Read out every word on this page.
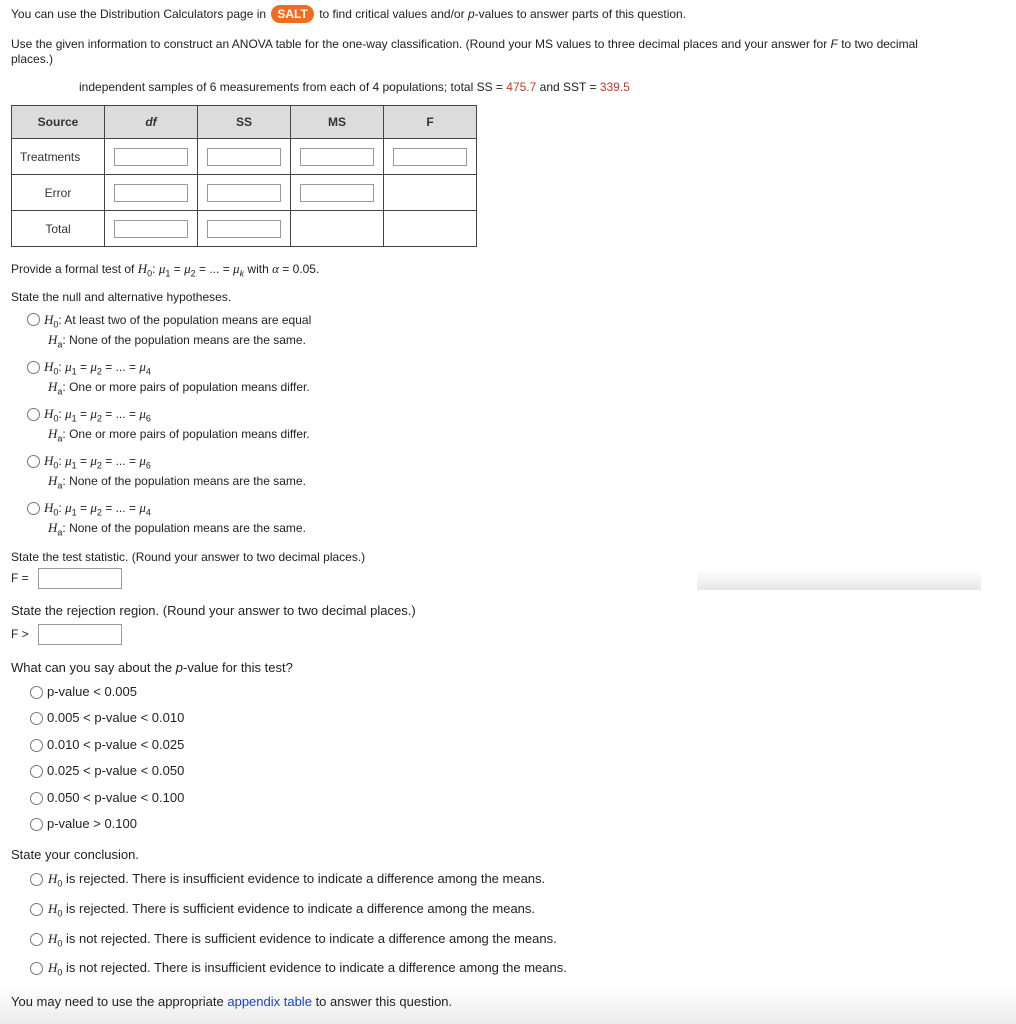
You can use the Distribution Calculators page in SALT to find critical values and/or p-values to answer parts of this question.
Use the given information to construct an ANOVA table for the one-way classification. (Round your MS values to three decimal places and your answer for F to two decimal
places.)
independent samples of 6 measurements from each of 4 populations; total SS = 475.7 and SST = 339.5
Source	df	SS	MS	F
Treatments	

Error	

Total	

Provide a formal test of $H_0$: $\mu_1 = \mu_2$ = ... = $\mu_k$ with α = 0.05.
State the null and alternative hypotheses.
$H_0$: At least two of the population means are equal
$H_a$: None of the population means are the same.
$H_0$: $\mu_1 = \mu_2$ = ... = $\mu_4$
$H_a$: One or more pairs of population means differ.
$H_0$: $\mu_1 = \mu_2$ = ... = $\mu_6$
$H_a$: One or more pairs of population means differ.
$H_0$: $\mu_1 = \mu_2$ = ... = $\mu_6$
$H_a$: None of the population means are the same.
$H_0$: $\mu_1 = \mu_2$ = ... = $\mu_4$
$H_a$: None of the population means are the same.
State the test statistic. (Round your answer to two decimal places.)
F =
State the rejection region. (Round your answer to two decimal places.)
F >
What can you say about the p-value for this test?
p-value < 0.005
0.005 < p-value < 0.010
0.010 < p-value < 0.025
0.025 < p-value < 0.050
0.050 < p-value < 0.100
p-value > 0.100
State your conclusion.
$H_0$ is rejected. There is insufficient evidence to indicate a difference among the means.
$H_0$ is rejected. There is sufficient evidence to indicate a difference among the means.
$H_0$ is not rejected. There is sufficient evidence to indicate a difference among the means.
$H_0$ is not rejected. There is insufficient evidence to indicate a difference among the means.
You may need to use the appropriate appendix table to answer this question.
